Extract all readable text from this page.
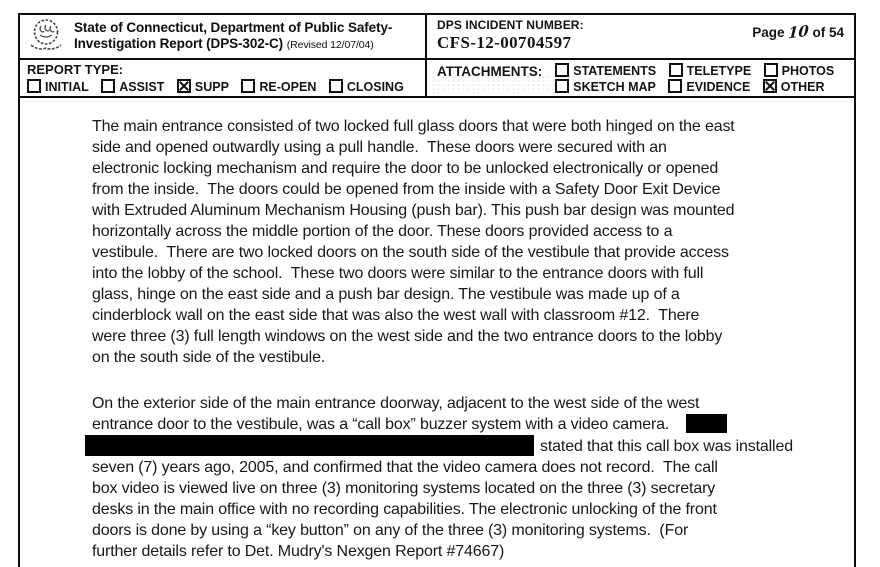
State of Connecticut, Department of Public Safety-
Investigation Report (DPS-302-C) (Revised 12/07/04)
DPS INCIDENT NUMBER:
CFS-12-00704597
Page 10 of 54
REPORT TYPE:
INITIAL ASSIST SUPP RE-OPEN CLOSING
ATTACHMENTS:	STATEMENTS TELETYPE PHOTOS
SKETCH MAP EVIDENCE OTHER
The main entrance consisted of two locked full glass doors that were both hinged on the east
side and opened outwardly using a pull handle.  These doors were secured with an
electronic locking mechanism and require the door to be unlocked electronically or opened
from the inside.  The doors could be opened from the inside with a Safety Door Exit Device
with Extruded Aluminum Mechanism Housing (push bar). This push bar design was mounted
horizontally across the middle portion of the door. These doors provided access to a
vestibule.  There are two locked doors on the south side of the vestibule that provide access
into the lobby of the school.  These two doors were similar to the entrance doors with full
glass, hinge on the east side and a push bar design. The vestibule was made up of a
cinderblock wall on the east side that was also the west wall with classroom #12.  There
were three (3) full length windows on the west side and the two entrance doors to the lobby
on the south side of the vestibule.
On the exterior side of the main entrance doorway, adjacent to the west side of the west
entrance door to the vestibule, was a “call box” buzzer system with a video camera.
stated that this call box was installed
seven (7) years ago, 2005, and confirmed that the video camera does not record.  The call
box video is viewed live on three (3) monitoring systems located on the three (3) secretary
desks in the main office with no recording capabilities. The electronic unlocking of the front
doors is done by using a “key button” on any of the three (3) monitoring systems.  (For
further details refer to Det. Mudry's Nexgen Report #74667)
